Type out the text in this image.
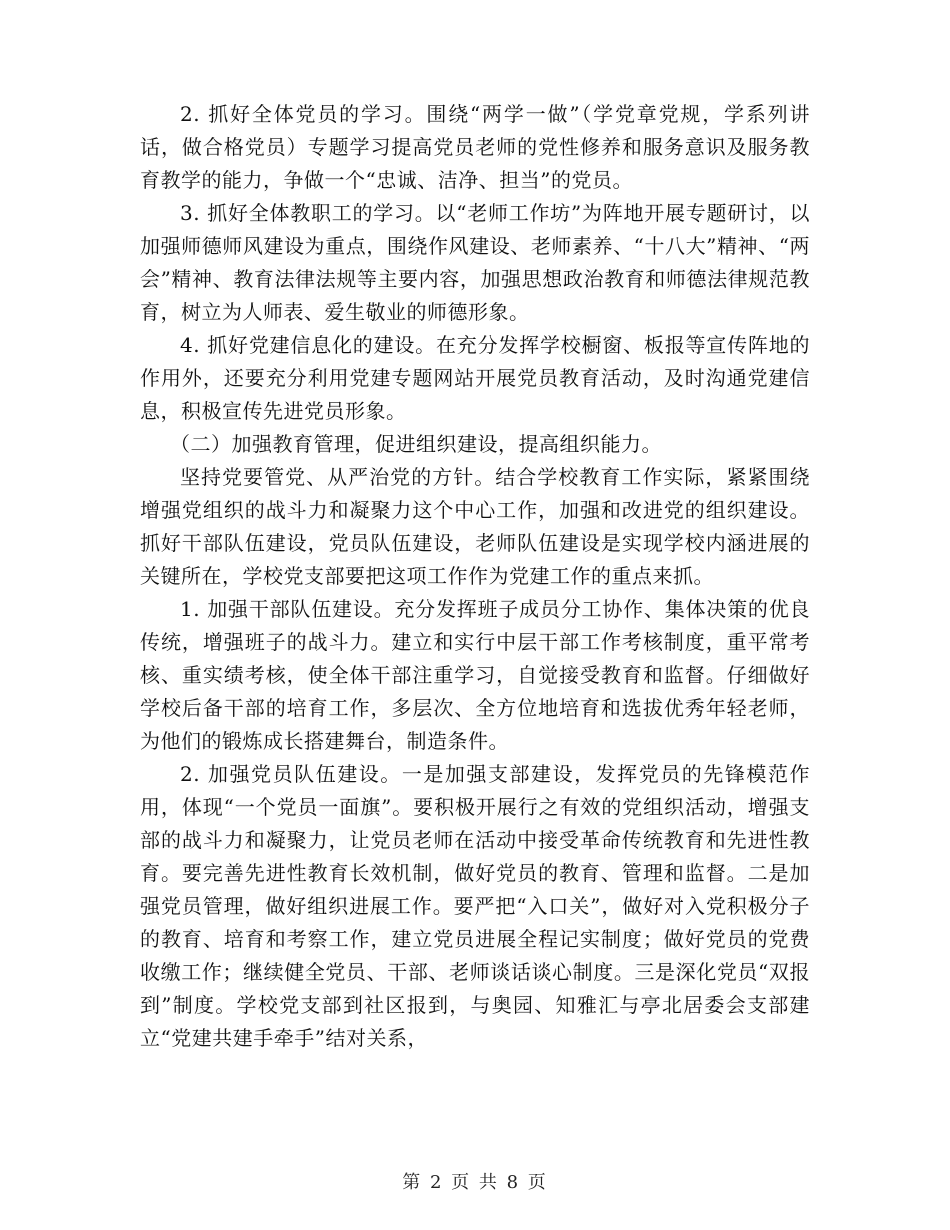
2. 抓好全体党员的学习。围绕“两学一做”（学党章党规，学系列讲话，做合格党员）专题学习提高党员老师的党性修养和服务意识及服务教育教学的能力，争做一个“忠诚、洁净、担当”的党员。

3. 抓好全体教职工的学习。以“老师工作坊”为阵地开展专题研讨，以加强师德师风建设为重点，围绕作风建设、老师素养、“十八大”精神、“两会”精神、教育法律法规等主要内容，加强思想政治教育和师德法律规范教育，树立为人师表、爱生敬业的师德形象。

4. 抓好党建信息化的建设。在充分发挥学校橱窗、板报等宣传阵地的作用外，还要充分利用党建专题网站开展党员教育活动，及时沟通党建信息，积极宣传先进党员形象。

（二）加强教育管理，促进组织建设，提高组织能力。

坚持党要管党、从严治党的方针。结合学校教育工作实际，紧紧围绕增强党组织的战斗力和凝聚力这个中心工作，加强和改进党的组织建设。抓好干部队伍建设，党员队伍建设，老师队伍建设是实现学校内涵进展的关键所在，学校党支部要把这项工作作为党建工作的重点来抓。

1. 加强干部队伍建设。充分发挥班子成员分工协作、集体决策的优良传统，增强班子的战斗力。建立和实行中层干部工作考核制度，重平常考核、重实绩考核，使全体干部注重学习，自觉接受教育和监督。仔细做好学校后备干部的培育工作，多层次、全方位地培育和选拔优秀年轻老师，为他们的锻炼成长搭建舞台，制造条件。

2. 加强党员队伍建设。一是加强支部建设，发挥党员的先锋模范作用，体现“一个党员一面旗”。要积极开展行之有效的党组织活动，增强支部的战斗力和凝聚力，让党员老师在活动中接受革命传统教育和先进性教育。要完善先进性教育长效机制，做好党员的教育、管理和监督。二是加强党员管理，做好组织进展工作。要严把“入口关”，做好对入党积极分子的教育、培育和考察工作，建立党员进展全程记实制度；做好党员的党费收缴工作；继续健全党员、干部、老师谈话谈心制度。三是深化党员“双报到”制度。学校党支部到社区报到，与奥园、知雅汇与亭北居委会支部建立“党建共建手牵手”结对关系，

第 2 页 共 8 页
